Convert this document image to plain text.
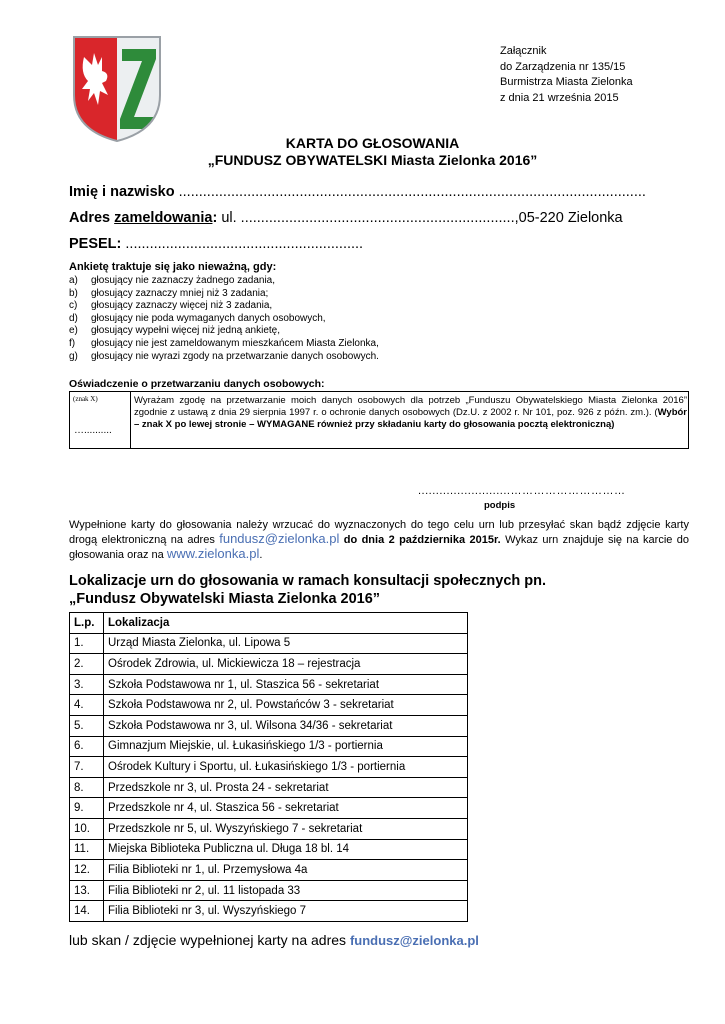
Załącznik
do Zarządzenia nr 135/15
Burmistrza Miasta Zielonka
z dnia 21 września 2015
KARTA DO GŁOSOWANIA
„FUNDUSZ OBYWATELSKI Miasta Zielonka 2016”
Imię i nazwisko ....................................................................................................................
Adres zameldowania: ul. ....................................................................,05-220 Zielonka
PESEL: ...........................................................
Ankietę traktuje się jako nieważną, gdy:
a)	głosujący nie zaznaczy żadnego zadania,
b)	głosujący zaznaczy mniej niż 3 zadania;
c)	głosujący zaznaczy więcej niż 3 zadania,
d)	głosujący nie poda wymaganych danych osobowych,
e)	głosujący wypełni więcej niż jedną ankietę,
f)	głosujący nie jest zameldowanym mieszkańcem Miasta Zielonka,
g)	głosujący nie wyrazi zgody na przetwarzanie danych osobowych.
Oświadczenie o przetwarzaniu danych osobowych:
(znak X)
…..........
Wyrażam zgodę na przetwarzanie moich danych osobowych dla potrzeb „Funduszu Obywatelskiego Miasta Zielonka 2016” zgodnie z ustawą z dnia 29 sierpnia 1997 r. o ochronie danych osobowych (Dz.U. z 2002 r. Nr 101, poz. 926 z późn. zm.). (Wybór – znak X po lewej stronie – WYMAGANE również przy składaniu karty do głosowania pocztą elektroniczną)
..........................…………………………
podpis
Wypełnione karty do głosowania należy wrzucać do wyznaczonych do tego celu urn lub przesyłać skan bądź zdjęcie karty drogą elektroniczną na adres fundusz@zielonka.pl do dnia 2 października 2015r. Wykaz urn znajduje się na karcie do głosowania oraz na www.zielonka.pl.
Lokalizacje urn do głosowania w ramach konsultacji społecznych pn.
„Fundusz Obywatelski Miasta Zielonka 2016”
L.p.	Lokalizacja
1.	Urząd Miasta Zielonka, ul. Lipowa 5
2.	Ośrodek Zdrowia, ul. Mickiewicza 18 – rejestracja
3.	Szkoła Podstawowa nr 1, ul. Staszica 56 - sekretariat
4.	Szkoła Podstawowa nr 2, ul. Powstańców 3 - sekretariat
5.	Szkoła Podstawowa nr 3, ul. Wilsona 34/36 - sekretariat
6.	Gimnazjum Miejskie, ul. Łukasińskiego 1/3 - portiernia
7.	Ośrodek Kultury i Sportu, ul. Łukasińskiego 1/3 - portiernia
8.	Przedszkole nr 3, ul. Prosta 24 - sekretariat
9.	Przedszkole nr 4, ul. Staszica 56 - sekretariat
10.	Przedszkole nr 5, ul. Wyszyńskiego 7 - sekretariat
11.	Miejska Biblioteka Publiczna ul. Długa 18 bl. 14
12.	Filia Biblioteki nr 1, ul. Przemysłowa 4a
13.	Filia Biblioteki nr 2, ul. 11 listopada 33
14.	Filia Biblioteki nr 3, ul. Wyszyńskiego 7
lub skan / zdjęcie wypełnionej karty na adres fundusz@zielonka.pl
